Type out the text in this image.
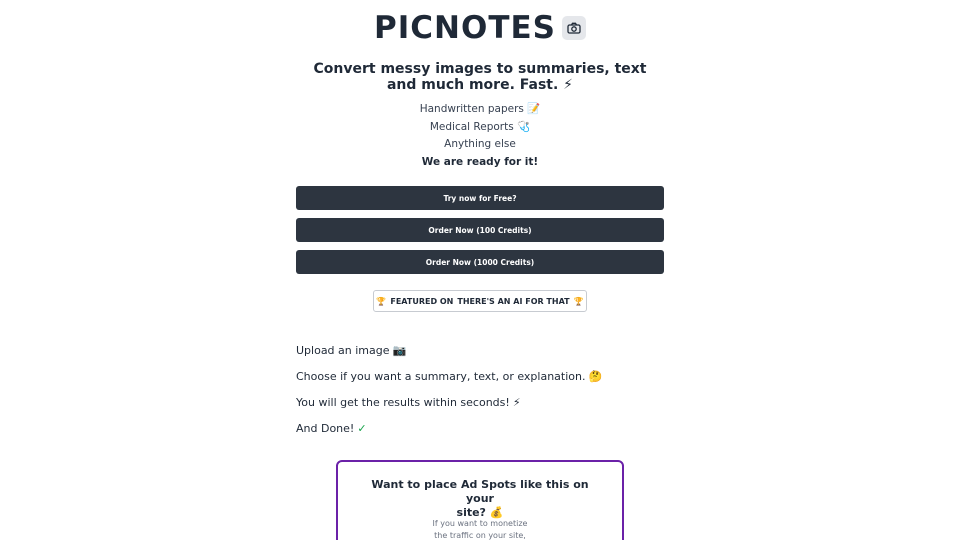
PICNOTES
Convert messy images to summaries, text
and much more. Fast. ⚡
Handwritten papers 📝
Medical Reports 🩺
Anything else
We are ready for it!
Try now for Free?
Order Now (100 Credits)
Order Now (1000 Credits)
🏆 FEATURED ON THERE'S AN AI FOR THAT 🏆
Upload an image 📷
Choose if you want a summary, text, or explanation. 🤔
You will get the results within seconds! ⚡
And Done! ✓
Want to place Ad Spots like this on your
site? 💰
If you want to monetize
the traffic on your site,
